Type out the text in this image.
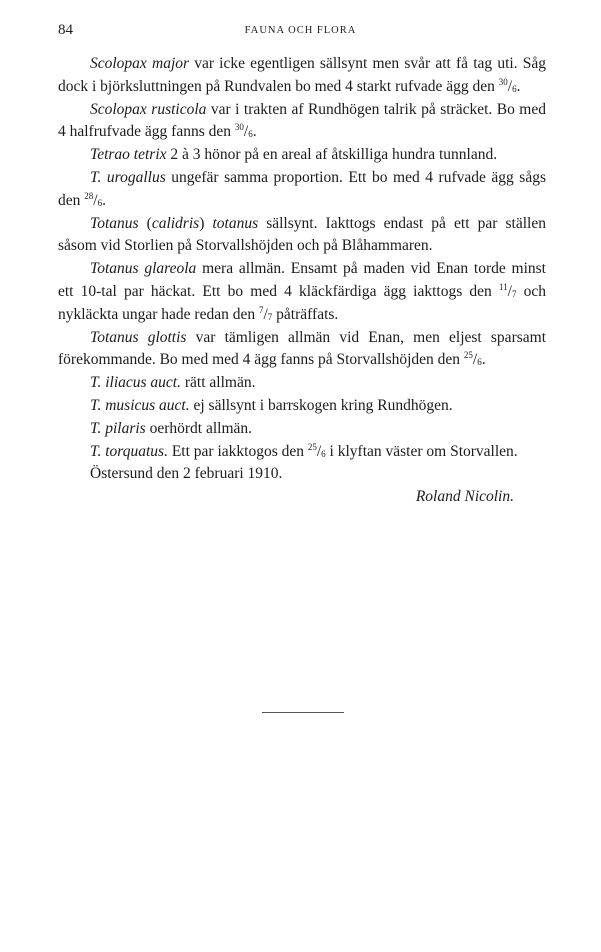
84	FAUNA OCH FLORA

Scolopax major var icke egentligen sällsynt men svår att få tag uti. Såg dock i björksluttningen på Rundvalen bo med 4 starkt rufvade ägg den $^{30}/_6$.

Scolopax rusticola var i trakten af Rundhögen talrik på sträcket. Bo med 4 halfrufvade ägg fanns den $^{30}/_6$.

Tetrao tetrix 2 à 3 hönor på en areal af åtskilliga hundra tunnland.

T. urogallus ungefär samma proportion. Ett bo med 4 rufvade ägg sågs den $^{28}/_6$.

Totanus (calidris) totanus sällsynt. Iakttogs endast på ett par ställen såsom vid Storlien på Storvallshöjden och på Blåhammaren.

Totanus glareola mera allmän. Ensamt på maden vid Enan torde minst ett 10-tal par häckat. Ett bo med 4 kläckfärdiga ägg iakttogs den $^{11}/_7$ och nykläckta ungar hade redan den $^7/_7$ påträffats.

Totanus glottis var tämligen allmän vid Enan, men eljest sparsamt förekommande. Bo med med 4 ägg fanns på Storvallshöjden den $^{25}/_6$.

T. iliacus auct. rätt allmän.

T. musicus auct. ej sällsynt i barrskogen kring Rundhögen.

T. pilaris oerhördt allmän.

T. torquatus. Ett par iakktogos den $^{25}/_6$ i klyftan väster om Storvallen.

Östersund den 2 februari 1910.

Roland Nicolin.
